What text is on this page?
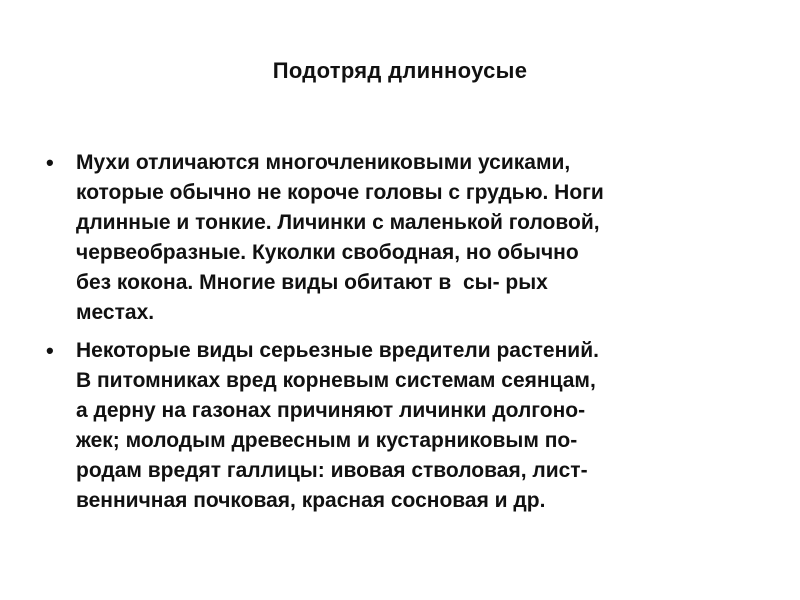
Подотряд длинноусые
• Мухи отличаются многочлениковыми усиками,
которые обычно не короче головы с грудью. Ноги
длинные и тонкие. Личинки с маленькой головой,
червеобразные. Куколки свободная, но обычно
без кокона. Многие виды обитают в  сы- рых
местах.
• Некоторые виды серьезные вредители растений.
В питомниках вред корневым системам сеянцам,
а дерну на газонах причиняют личинки долгоно-
жек; молодым древесным и кустарниковым по-
родам вредят галлицы: ивовая стволовая, лист-
венничная почковая, красная сосновая и др.
